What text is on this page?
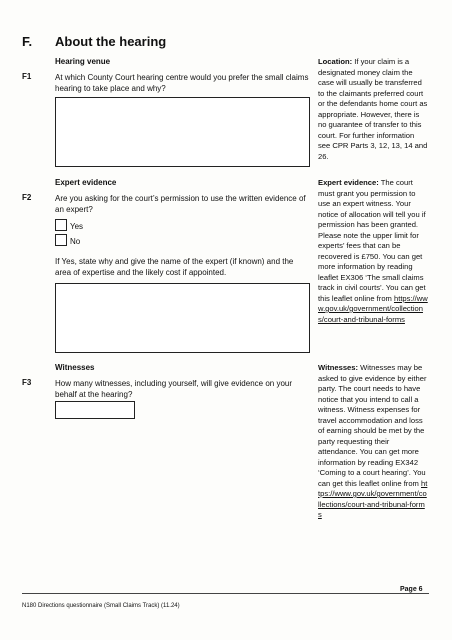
F. About the hearing
Hearing venue
F1	At which County Court hearing centre would you prefer the small claims hearing to take place and why?
Expert evidence
F2	Are you asking for the court’s permission to use the written evidence of an expert?
Yes
No
If Yes, state why and give the name of the expert (if known) and the area of expertise and the likely cost if appointed.
Witnesses
F3	How many witnesses, including yourself, will give evidence on your behalf at the hearing?
Location: If your claim is a designated money claim the case will usually be transferred to the claimants preferred court or the defendants home court as appropriate. However, there is no guarantee of transfer to this court. For further information see CPR Parts 3, 12, 13, 14 and 26.
Expert evidence: The court must grant you permission to use an expert witness. Your notice of allocation will tell you if permission has been granted. Please note the upper limit for experts’ fees that can be recovered is £750. You can get more information by reading leaflet EX306 ‘The small claims track in civil courts’. You can get this leaflet online from https://www.gov.uk/government/collections/court-and-tribunal-forms
Witnesses: Witnesses may be asked to give evidence by either party. The court needs to have notice that you intend to call a witness. Witness expenses for travel accommodation and loss of earning should be met by the party requesting their attendance. You can get more information by reading EX342 ‘Coming to a court hearing’. You can get this leaflet online from https://www.gov.uk/government/collections/court-and-tribunal-forms
Page 6
N180 Directions questionnaire (Small Claims Track) (11.24)
